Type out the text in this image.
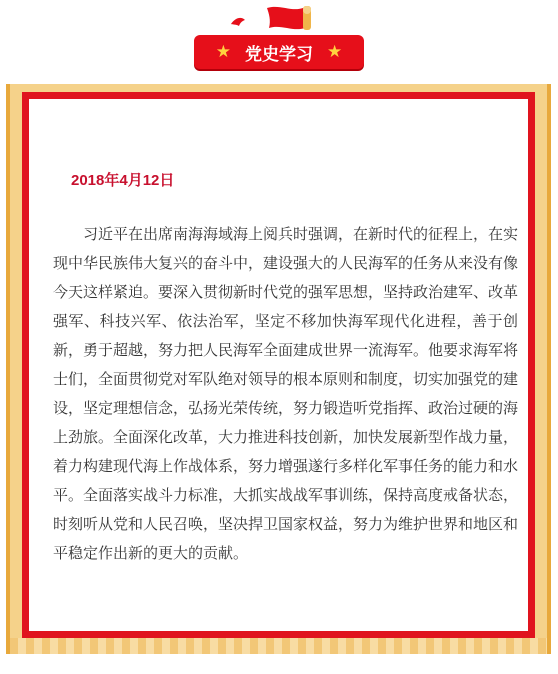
★ 党史学习 ★
2018年4月12日

习近平在出席南海海域海上阅兵时强调，在新时代的征程上，在实现中华民族伟大复兴的奋斗中，建设强大的人民海军的任务从来没有像今天这样紧迫。要深入贯彻新时代党的强军思想，坚持政治建军、改革强军、科技兴军、依法治军，坚定不移加快海军现代化进程，善于创新，勇于超越，努力把人民海军全面建成世界一流海军。他要求海军将士们，全面贯彻党对军队绝对领导的根本原则和制度，切实加强党的建设，坚定理想信念，弘扬光荣传统，努力锻造听党指挥、政治过硬的海上劲旅。全面深化改革，大力推进科技创新，加快发展新型作战力量，着力构建现代海上作战体系，努力增强遂行多样化军事任务的能力和水平。全面落实战斗力标准，大抓实战战军事训练，保持高度戒备状态，时刻听从党和人民召唤，坚决捍卫国家权益，努力为维护世界和地区和平稳定作出新的更大的贡献。
